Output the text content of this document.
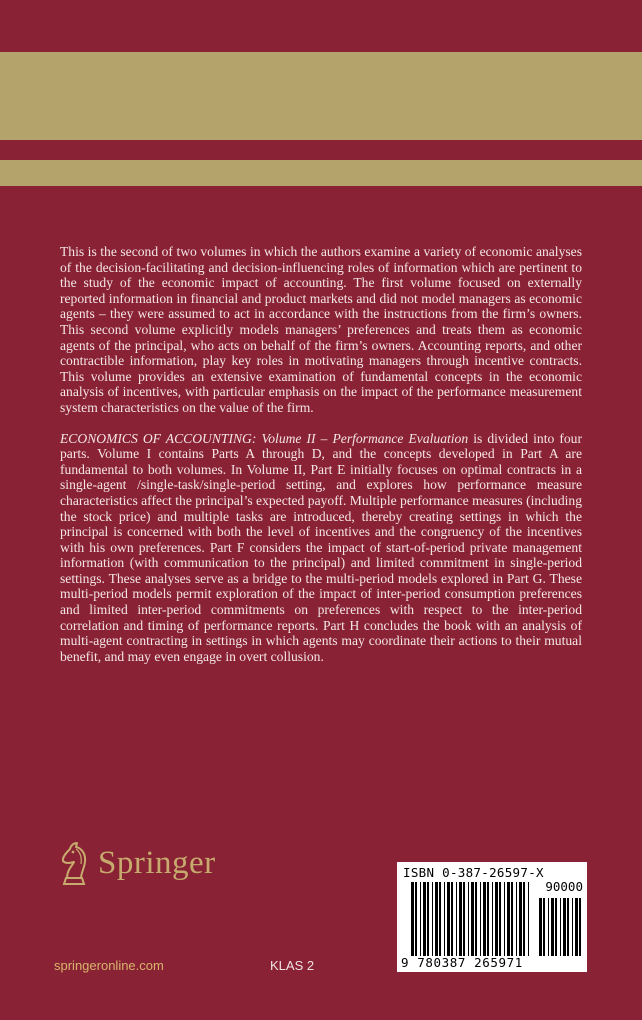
This is the second of two volumes in which the authors examine a variety of economic analyses of the decision-facilitating and decision-influencing roles of information which are pertinent to the study of the economic impact of accounting. The first volume focused on externally reported information in financial and product markets and did not model managers as economic agents – they were assumed to act in accordance with the instructions from the firm’s owners. This second volume explicitly models managers’ preferences and treats them as economic agents of the principal, who acts on behalf of the firm’s owners. Accounting reports, and other contractible information, play key roles in motivating managers through incentive contracts. This volume provides an extensive examination of fundamental concepts in the economic analysis of incentives, with particular emphasis on the impact of the performance measurement system characteristics on the value of the firm.

ECONOMICS OF ACCOUNTING: Volume II – Performance Evaluation is divided into four parts. Volume I contains Parts A through D, and the concepts developed in Part A are fundamental to both volumes. In Volume II, Part E initially focuses on optimal contracts in a single-agent /single-task/single-period setting, and explores how performance measure characteristics affect the principal’s expected payoff. Multiple performance measures (including the stock price) and multiple tasks are introduced, thereby creating settings in which the principal is concerned with both the level of incentives and the congruency of the incentives with his own preferences. Part F considers the impact of start-of-period private management information (with communication to the principal) and limited commitment in single-period settings. These analyses serve as a bridge to the multi-period models explored in Part G. These multi-period models permit exploration of the impact of inter-period consumption preferences and limited inter-period commitments on preferences with respect to the inter-period correlation and timing of performance reports. Part H concludes the book with an analysis of multi-agent contracting in settings in which agents may coordinate their actions to their mutual benefit, and may even engage in overt collusion.

Springer
springeronline.com	KLAS 2
ISBN 0-387-26597-X
90000
9 780387 265971
